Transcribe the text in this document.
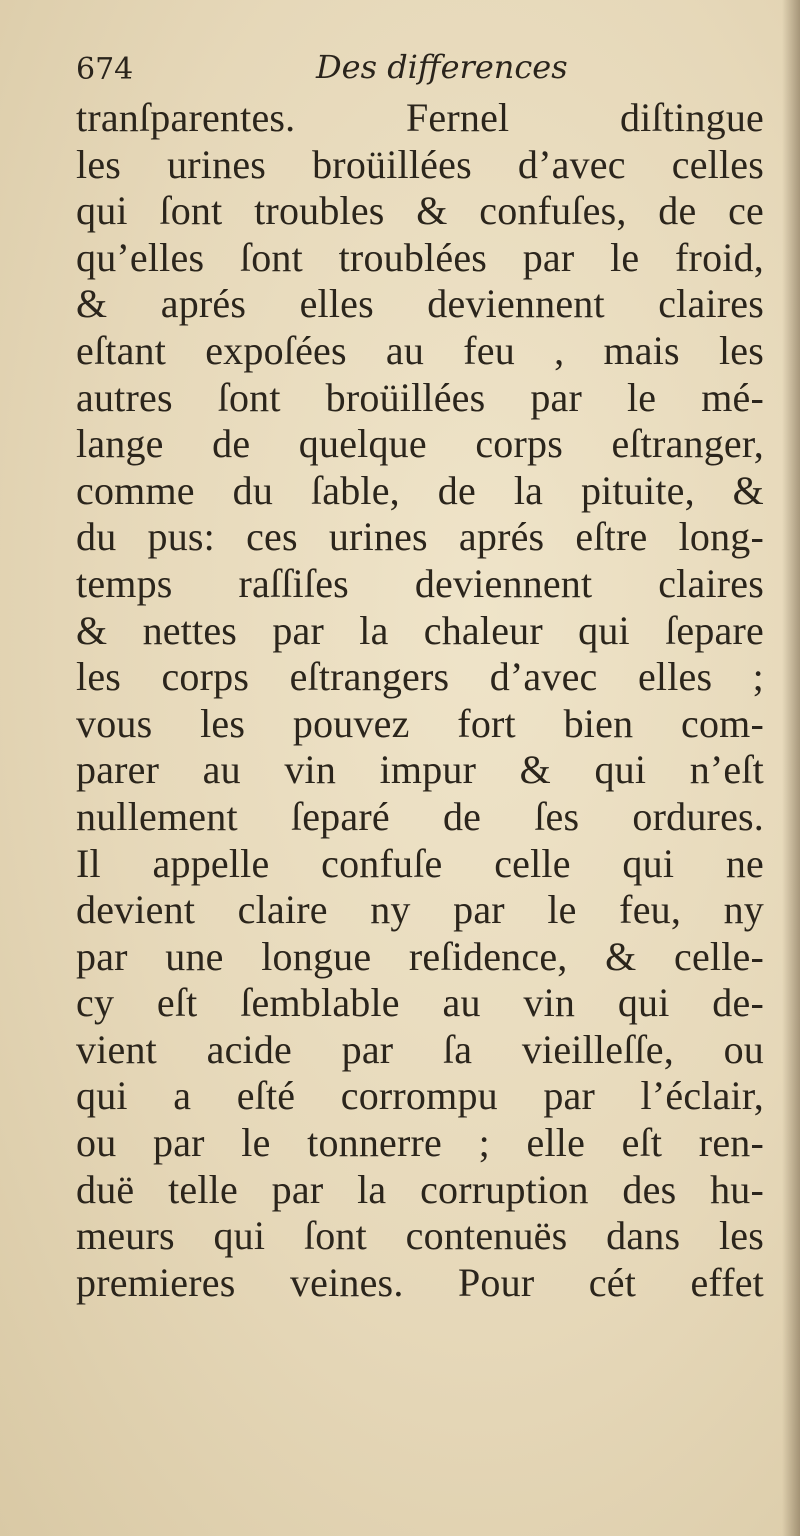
674	Des differences
tranſparentes. Fernel diſtingue
les urines broüillées d’avec celles
qui ſont troubles & confuſes, de ce
qu’elles ſont troublées par le froid,
& aprés elles deviennent claires
eſtant expoſées au feu , mais les
autres ſont broüillées par le mé-
lange de quelque corps eſtranger,
comme du ſable, de la pituite, &
du pus: ces urines aprés eſtre long-
temps raſſiſes deviennent claires
& nettes par la chaleur qui ſepare
les corps eſtrangers d’avec elles ;
vous les pouvez fort bien com-
parer au vin impur & qui n’eſt
nullement ſeparé de ſes ordures.
Il appelle confuſe celle qui ne
devient claire ny par le feu, ny
par une longue reſidence, & celle-
cy eſt ſemblable au vin qui de-
vient acide par ſa vieilleſſe, ou
qui a eſté corrompu par l’éclair,
ou par le tonnerre ; elle eſt ren-
duë telle par la corruption des hu-
meurs qui ſont contenuës dans les
premieres veines. Pour cét effet
